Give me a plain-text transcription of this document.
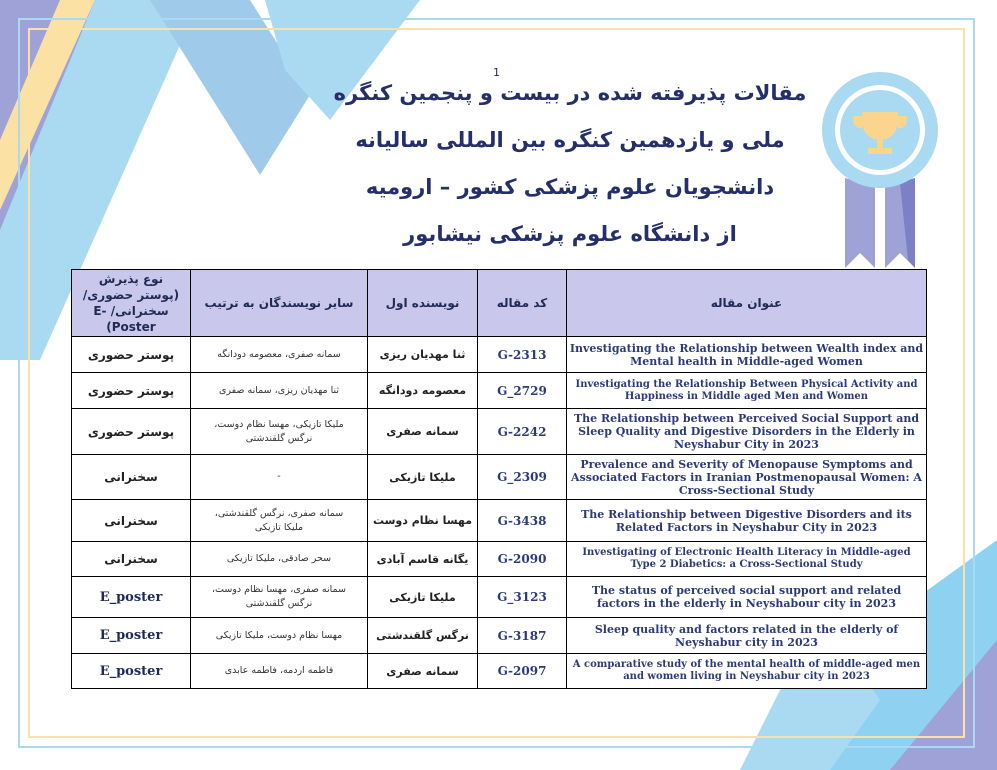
1
مقالات پذیرفته شده در بیست و پنجمین کنگره
ملی و یازدهمین کنگره بین المللی سالیانه
دانشجویان علوم پزشکی کشور – ارومیه
از دانشگاه علوم پزشکی نیشابور
عنوان مقاله	کد مقاله	نویسنده اول	سایر نویسندگان به ترتیب	نوع پذیرش
(پوستر حضوری/
سخنرانی/ E-Poster)

Investigating the Relationship between Wealth index and Mental health in Middle-aged Women	G-2313	ثنا مهدیان ریزی	سمانه صفری، معصومه دودانگه	پوستر حضوری
Investigating the Relationship Between Physical Activity and Happiness in Middle aged Men and Women	G_2729	معصومه دودانگه	ثنا مهدیان ریزی، سمانه صفری	پوستر حضوری
The Relationship between Perceived Social Support and Sleep Quality and Digestive Disorders in the Elderly in Neyshabur City in 2023	G-2242	سمانه صفری	ملیکا تازیکی، مهسا نظام دوست،
نرگس گلقندشتی	پوستر حضوری
Prevalence and Severity of Menopause Symptoms and Associated Factors in Iranian Postmenopausal Women: A Cross-Sectional Study	G_2309	ملیکا تازیکی	-	سخنرانی
The Relationship between Digestive Disorders and its Related Factors in Neyshabur City in 2023	G-3438	مهسا نظام دوست	سمانه صفری، نرگس گلقندشتی،
ملیکا تازیکی	سخنرانی
Investigating of Electronic Health Literacy in Middle-aged Type 2 Diabetics: a Cross-Sectional Study	G-2090	یگانه قاسم آبادی	سحر صادقی، ملیکا تازیکی	سخنرانی
The status of perceived social support and related factors in the elderly in Neyshabour city in 2023	G_3123	ملیکا تازیکی	سمانه صفری، مهسا نظام دوست،
نرگس گلقندشتی	E_poster
Sleep quality and factors related in the elderly of Neyshabur city in 2023	G-3187	نرگس گلقندشتی	مهسا نظام دوست، ملیکا تازیکی	E_poster
A comparative study of the mental health of middle-aged men and women living in Neyshabur city in 2023	G-2097	سمانه صفری	فاطمه اردمه، فاطمه عابدی	E_poster
